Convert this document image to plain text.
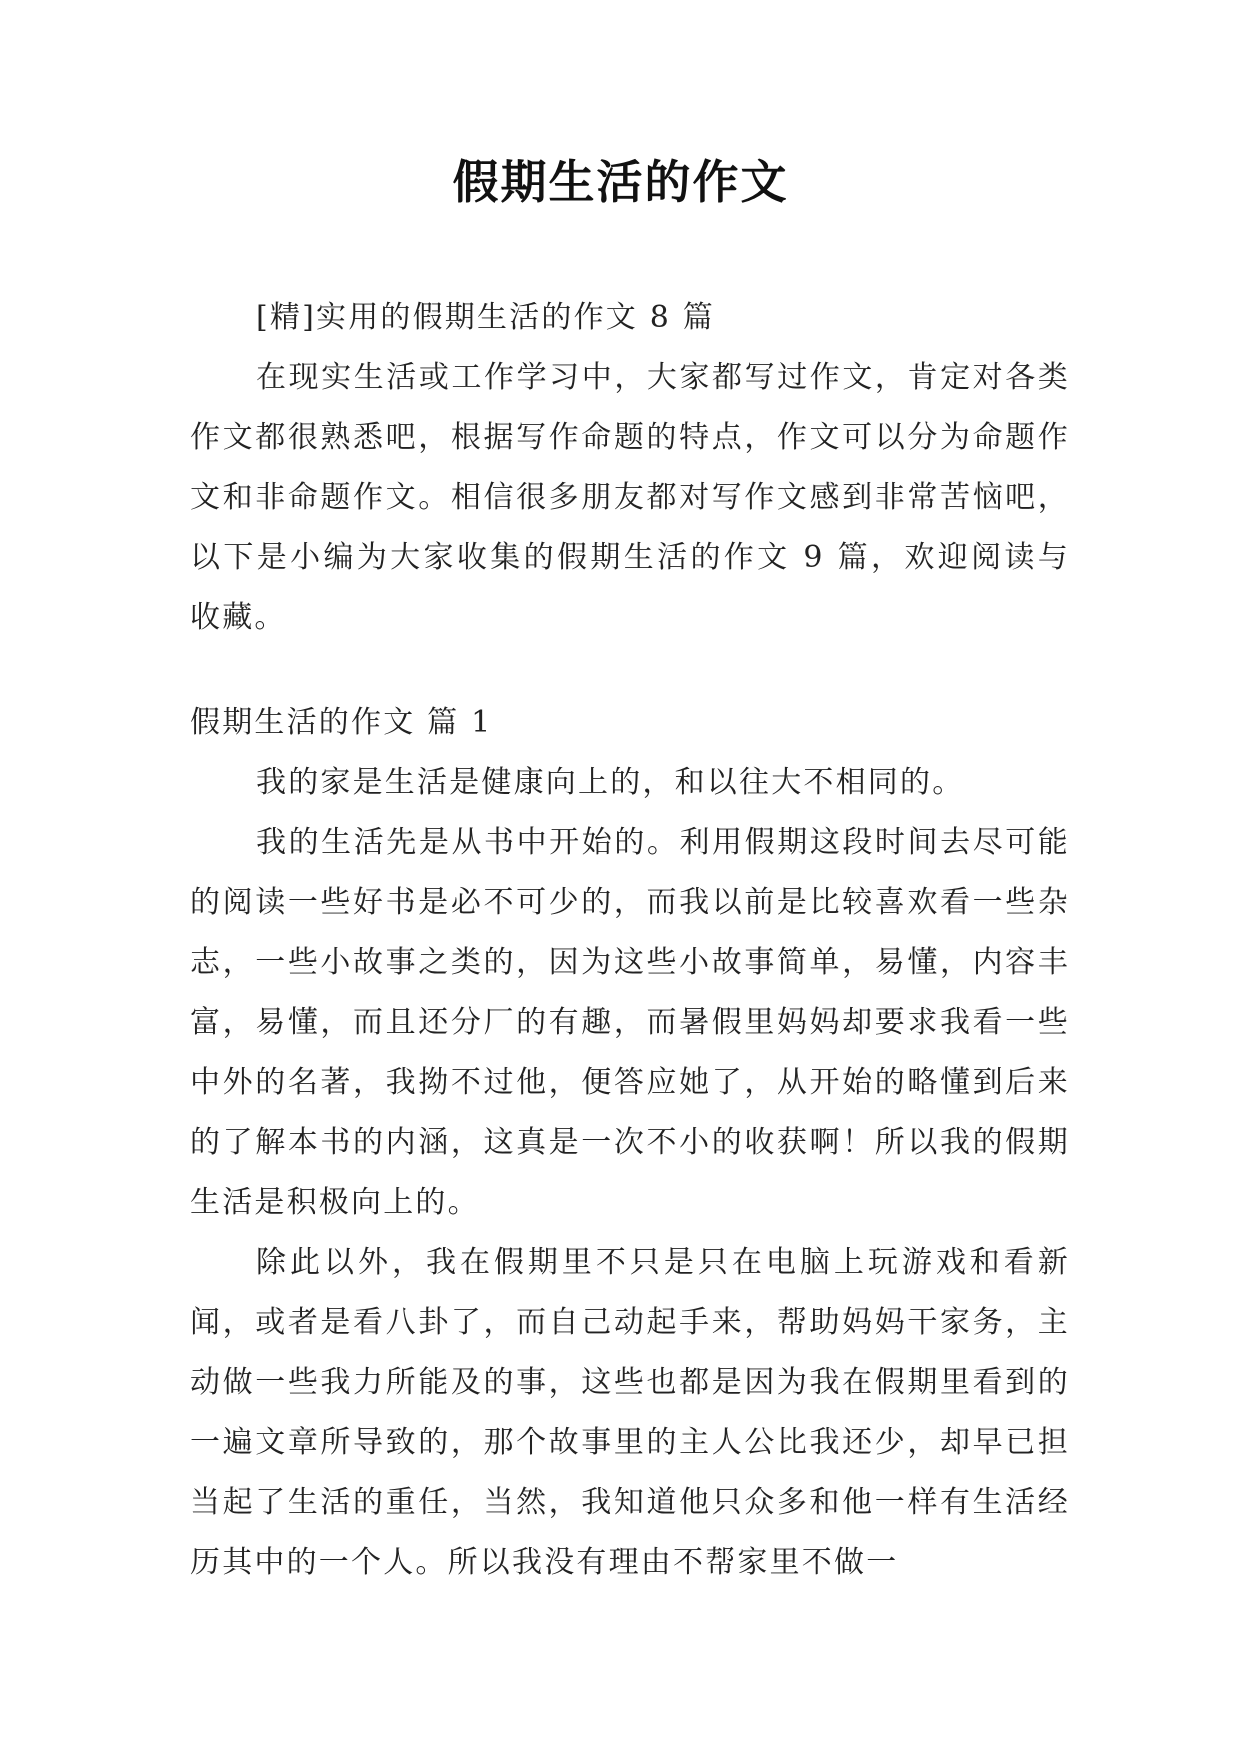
假期生活的作文

[精]实用的假期生活的作文 8 篇

在现实生活或工作学习中，大家都写过作文，肯定对各类作文都很熟悉吧，根据写作命题的特点，作文可以分为命题作文和非命题作文。相信很多朋友都对写作文感到非常苦恼吧，以下是小编为大家收集的假期生活的作文 9 篇，欢迎阅读与收藏。

假期生活的作文 篇 1

我的家是生活是健康向上的，和以往大不相同的。

我的生活先是从书中开始的。利用假期这段时间去尽可能的阅读一些好书是必不可少的，而我以前是比较喜欢看一些杂志，一些小故事之类的，因为这些小故事简单，易懂，内容丰富，易懂，而且还分厂的有趣，而暑假里妈妈却要求我看一些中外的名著，我拗不过他，便答应她了，从开始的略懂到后来的了解本书的内涵，这真是一次不小的收获啊！所以我的假期生活是积极向上的。

除此以外，我在假期里不只是只在电脑上玩游戏和看新闻，或者是看八卦了，而自己动起手来，帮助妈妈干家务，主动做一些我力所能及的事，这些也都是因为我在假期里看到的一遍文章所导致的，那个故事里的主人公比我还少，却早已担当起了生活的重任，当然，我知道他只众多和他一样有生活经历其中的一个人。所以我没有理由不帮家里不做一
